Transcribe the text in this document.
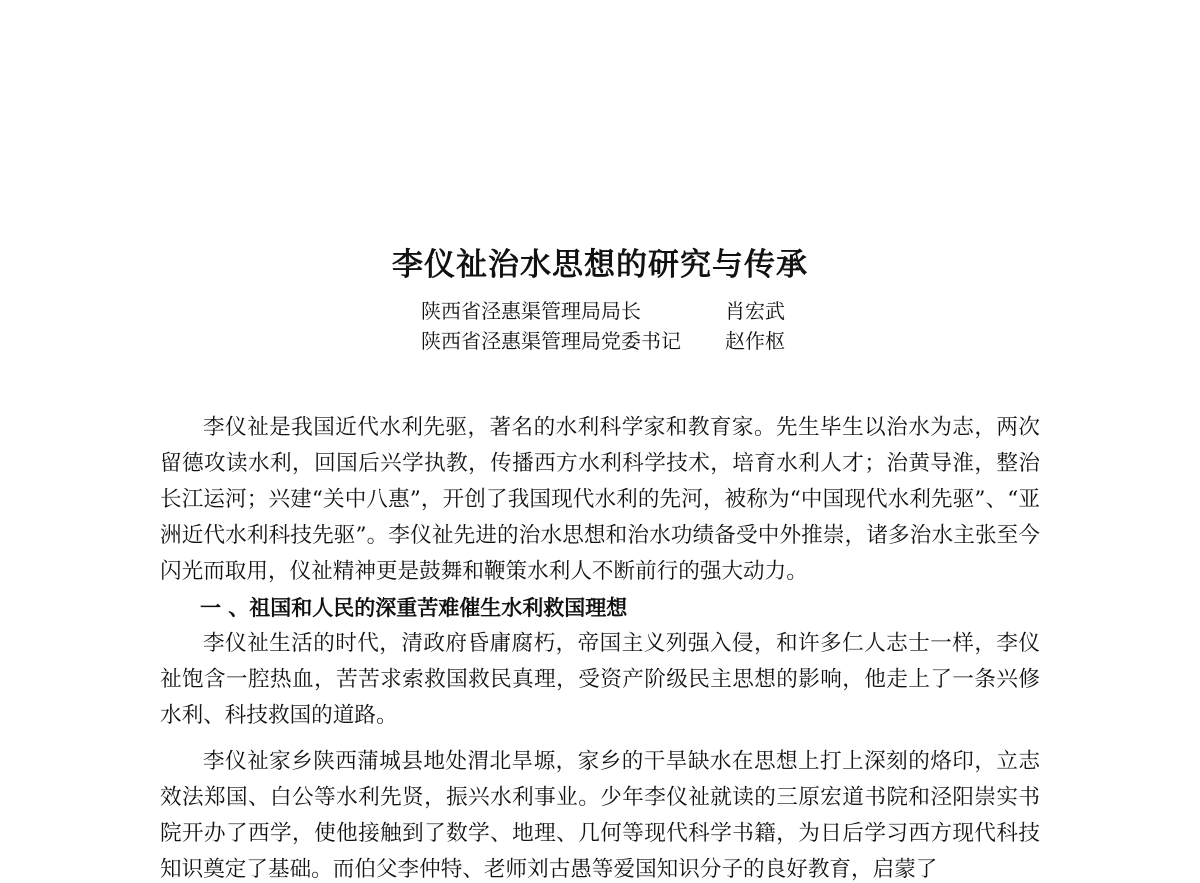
李仪祉治水思想的研究与传承
陕西省泾惠渠管理局局长	肖宏武
陕西省泾惠渠管理局党委书记 赵作枢

李仪祉是我国近代水利先驱，著名的水利科学家和教育家。先生毕生以治水为志，两次留德攻读水利，回国后兴学执教，传播西方水利科学技术，培育水利人才；治黄导淮，整治长江运河；兴建“关中八惠”，开创了我国现代水利的先河，被称为“中国现代水利先驱”、“亚洲近代水利科技先驱”。李仪祉先进的治水思想和治水功绩备受中外推崇，诸多治水主张至今闪光而取用，仪祉精神更是鼓舞和鞭策水利人不断前行的强大动力。

一 、祖国和人民的深重苦难催生水利救国理想

李仪祉生活的时代，清政府昏庸腐朽，帝国主义列强入侵，和许多仁人志士一样，李仪祉饱含一腔热血，苦苦求索救国救民真理，受资产阶级民主思想的影响，他走上了一条兴修水利、科技救国的道路。

李仪祉家乡陕西蒲城县地处渭北旱塬，家乡的干旱缺水在思想上打上深刻的烙印，立志效法郑国、白公等水利先贤，振兴水利事业。少年李仪祉就读的三原宏道书院和泾阳崇实书院开办了西学，使他接触到了数学、地理、几何等现代科学书籍，为日后学习西方现代科技知识奠定了基础。而伯父李仲特、老师刘古愚等爱国知识分子的良好教育，启蒙了
